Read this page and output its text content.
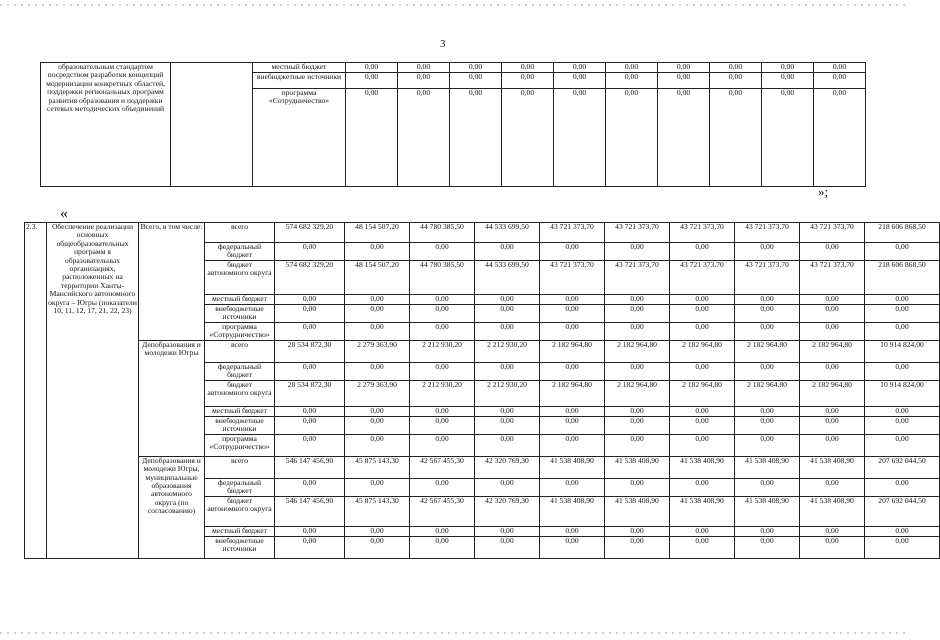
3
образовательным стандартом посредством разработки концепций модернизации конкретных областей, поддержки региональных программ развития образования и поддержки сетевых методических объединений		местный бюджет	0,00	0,00	0,00	0,00	0,00	0,00	0,00	0,00	0,00	0,00
		внебюджетные источники	0,00	0,00	0,00	0,00	0,00	0,00	0,00	0,00	0,00	0,00
		программа «Сотрудничество»	0,00	0,00	0,00	0,00	0,00	0,00	0,00	0,00	0,00	0,00
»;
«
2.3.	Обеспечение реализации основных общеобразовательных программ в образовательных организациях, расположенных на территории Ханты-Мансийского автономного округа – Югры (показатели 10, 11, 12, 17, 21, 22, 23)	Всего, в том числе:	всего	574 682 329,20	48 154 507,20	44 780 385,50	44 533 699,50	43 721 373,70	43 721 373,70	43 721 373,70	43 721 373,70	43 721 373,70	218 606 868,50
			федеральный бюджет	0,00	0,00	0,00	0,00	0,00	0,00	0,00	0,00	0,00	0,00
			бюджет автономного округа	574 682 329,20	48 154 507,20	44 780 385,50	44 533 699,50	43 721 373,70	43 721 373,70	43 721 373,70	43 721 373,70	43 721 373,70	218 606 868,50
			местный бюджет	0,00	0,00	0,00	0,00	0,00	0,00	0,00	0,00	0,00	0,00
			внебюджетные источники	0,00	0,00	0,00	0,00	0,00	0,00	0,00	0,00	0,00	0,00
			программа «Сотрудничество»	0,00	0,00	0,00	0,00	0,00	0,00	0,00	0,00	0,00	0,00
		Депобразования и молодежи Югры	всего	28 534 872,30	2 279 363,90	2 212 930,20	2 212 930,20	2 182 964,80	2 182 964,80	2 182 964,80	2 182 964,80	2 182 964,80	10 914 824,00
			федеральный бюджет	0,00	0,00	0,00	0,00	0,00	0,00	0,00	0,00	0,00	0,00
			бюджет автономного округа	28 534 872,30	2 279 363,90	2 212 930,20	2 212 930,20	2 182 964,80	2 182 964,80	2 182 964,80	2 182 964,80	2 182 964,80	10 914 824,00
			местный бюджет	0,00	0,00	0,00	0,00	0,00	0,00	0,00	0,00	0,00	0,00
			внебюджетные источники	0,00	0,00	0,00	0,00	0,00	0,00	0,00	0,00	0,00	0,00
			программа «Сотрудничество»	0,00	0,00	0,00	0,00	0,00	0,00	0,00	0,00	0,00	0,00
		Депобразования и молодежи Югры, муниципальные образования автономного округа (по согласованию)	всего	546 147 456,90	45 875 143,30	42 567 455,30	42 320 769,30	41 538 408,90	41 538 408,90	41 538 408,90	41 538 408,90	41 538 408,90	207 692 044,50
			федеральный бюджет	0,00	0,00	0,00	0,00	0,00	0,00	0,00	0,00	0,00	0,00
			бюджет автономного округа	546 147 456,90	45 875 143,30	42 567 455,30	42 320 769,30	41 538 408,90	41 538 408,90	41 538 408,90	41 538 408,90	41 538 408,90	207 692 044,50
			местный бюджет	0,00	0,00	0,00	0,00	0,00	0,00	0,00	0,00	0,00	0,00
			внебюджетные источники	0,00	0,00	0,00	0,00	0,00	0,00	0,00	0,00	0,00	0,00
